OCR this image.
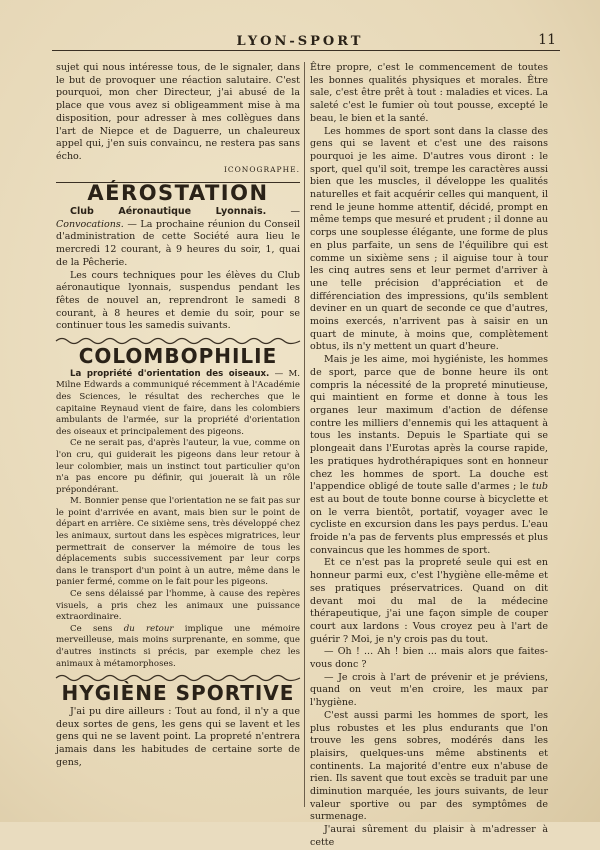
LYON-SPORT	11

sujet qui nous intéresse tous, de le signaler, dans le but de provoquer une réaction salutaire. C'est pourquoi, mon cher Directeur, j'ai abusé de la place que vous avez si obligeamment mise à ma disposition, pour adresser à mes collègues dans l'art de Niepce et de Daguerre, un chaleureux appel qui, j'en suis convaincu, ne restera pas sans écho.

ICONOGRAPHE.
AÉROSTATION

Club Aéronautique Lyonnais.	— Convocations. — La prochaine réunion du Conseil d'administration de cette Société aura lieu le mercredi 12 courant, à 9 heures du soir, 1, quai de la Pêcherie.

Les cours techniques pour les élèves du Club aéronautique lyonnais, suspendus pendant les fêtes de nouvel an, reprendront le samedi 8 courant, à 8 heures et demie du soir, pour se continuer tous les samedis suivants.

COLOMBOPHILIE

La propriété d'orientation des oiseaux. — M. Milne Edwards a communiqué récemment à l'Académie des Sciences, le résultat des recherches que le capitaine Reynaud vient de faire, dans les colombiers ambulants de l'armée, sur la propriété d'orientation des oiseaux et principalement des pigeons.

Ce ne serait pas, d'après l'auteur, la vue, comme on l'on cru, qui guiderait les pigeons dans leur retour à leur colombier, mais un instinct tout particulier qu'on n'a pas encore pu définir, qui jouerait là un rôle prépondérant.

M. Bonnier pense que l'orientation ne se fait pas sur le point d'arrivée en avant, mais bien sur le point de départ en arrière. Ce sixième sens, très développé chez les animaux, surtout dans les espèces migratrices, leur permettrait de conserver la mémoire de tous les déplacements subis successivement par leur corps dans le transport d'un point à un autre, même dans le panier fermé, comme on le fait pour les pigeons.

Ce sens délaissé par l'homme, à cause des repères visuels, a pris chez les animaux une puissance extraordinaire.

Ce sens du retour implique une mémoire merveilleuse, mais moins surprenante, en somme, que d'autres instincts si précis, par exemple chez les animaux à métamorphoses.

HYGIÈNE SPORTIVE

J'ai pu dire ailleurs : Tout au fond, il n'y a que deux sortes de gens, les gens qui se lavent et les gens qui ne se lavent point. La propreté n'entrera jamais dans les habitudes de certaine sorte de gens,

Être propre, c'est le commencement de toutes les bonnes qualités physiques et morales. Être sale, c'est être prêt à tout : maladies et vices. La saleté c'est le fumier où tout pousse, excepté le beau, le bien et la santé.

Les hommes de sport sont dans la classe des gens qui se lavent et c'est une des raisons pourquoi je les aime. D'autres vous diront : le sport, quel qu'il soit, trempe les caractères aussi bien que les muscles, il développe les qualités naturelles et fait acquérir celles qui manquent, il rend le jeune homme attentif, décidé, prompt en même temps que mesuré et prudent ; il donne au corps une souplesse élégante, une forme de plus en plus parfaite, un sens de l'équilibre qui est comme un sixième sens ; il aiguise tour à tour les cinq autres sens et leur permet d'arriver à une telle précision d'appréciation et de différenciation des impressions, qu'ils semblent deviner en un quart de seconde ce que d'autres, moins exercés, n'arrivent pas à saisir en un quart de minute, à moins que, complètement obtus, ils n'y mettent un quart d'heure.

Mais je les aime, moi hygiéniste, les hommes de sport, parce que de bonne heure ils ont compris la nécessité de la propreté minutieuse, qui maintient en forme et donne à tous les organes leur maximum d'action de défense contre les milliers d'ennemis qui les attaquent à tous les instants. Depuis le Spartiate qui se plongeait dans l'Eurotas après la course rapide, les pratiques hydrothérapiques sont en honneur chez les hommes de sport. La douche est l'appendice obligé de toute salle d'armes ; le tub est au bout de toute bonne course à bicyclette et on le verra bientôt, portatif, voyager avec le cycliste en excursion dans les pays perdus. L'eau froide n'a pas de fervents plus empressés et plus convaincus que les hommes de sport.

Et ce n'est pas la propreté seule qui est en honneur parmi eux, c'est l'hygiène elle-même et ses pratiques préservatrices. Quand on dit devant moi du mal de la médecine thérapeutique, j'ai une façon simple de couper court aux lardons : Vous croyez peu à l'art de guérir ? Moi, je n'y crois pas du tout.

— Oh ! ... Ah ! bien ... mais alors que faites-vous donc ?

— Je crois à l'art de prévenir et je préviens, quand on veut m'en croire, les maux par l'hygiène.

C'est aussi parmi les hommes de sport, les plus robustes et les plus endurants que l'on trouve les gens sobres, modérés dans les plaisirs, quelques-uns même abstinents et continents. La majorité d'entre eux n'abuse de rien. Ils savent que tout excès se traduit par une diminution marquée, les jours suivants, de leur valeur sportive ou par des symptômes de surmenage.

J'aurai sûrement du plaisir à m'adresser à cette
